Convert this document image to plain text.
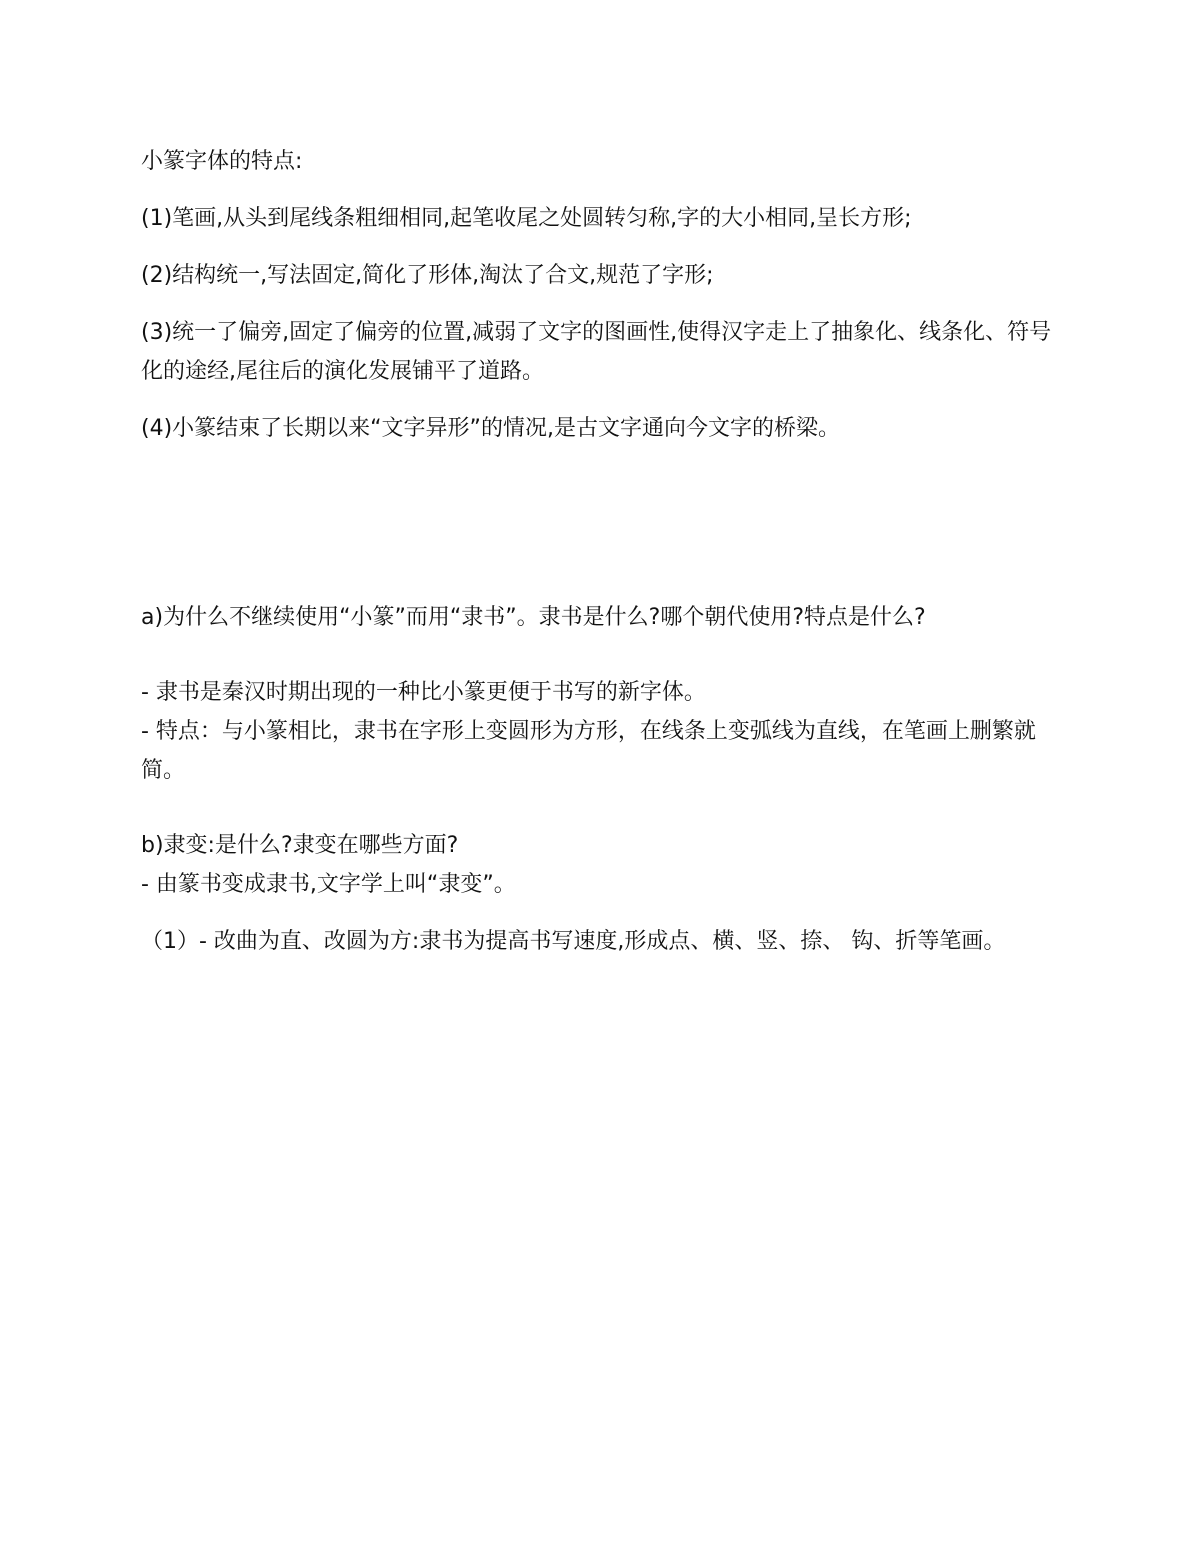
小篆字体的特点:

(1)笔画,从头到尾线条粗细相同,起笔收尾之处圆转匀称,字的大小相同,呈长方形;

(2)结构统一,写法固定,简化了形体,淘汰了合文,规范了字形;

(3)统一了偏旁,固定了偏旁的位置,减弱了文字的图画性,使得汉字走上了抽象化、线条化、符号化的途经,尾往后的演化发展铺平了道路。

(4)小篆结束了长期以来“文字异形”的情况,是古文字通向今文字的桥梁。

a)为什么不继续使用“小篆”而用“隶书”。隶书是什么?哪个朝代使用?特点是什么?

- 隶书是秦汉时期出现的一种比小篆更便于书写的新字体。

- 特点：与小篆相比，隶书在字形上变圆形为方形，在线条上变弧线为直线，在笔画上删繁就简。

b)隶变:是什么?隶变在哪些方面?

- 由篆书变成隶书,文字学上叫“隶变”。

（1）- 改曲为直、改圆为方:隶书为提高书写速度,形成点、横、竖、捺、 钩、折等笔画。
